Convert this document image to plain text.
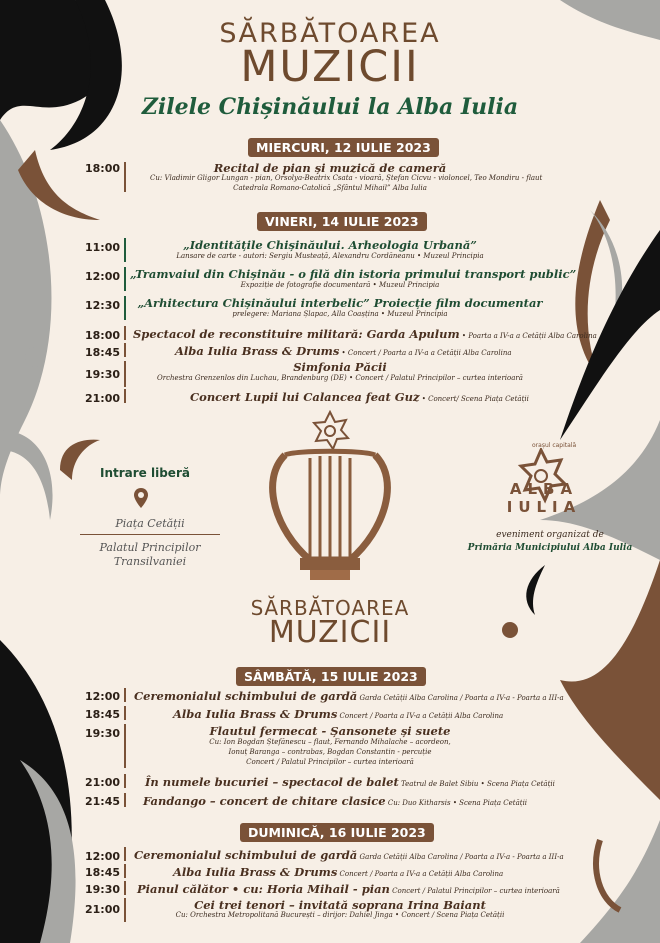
SĂRBĂTOAREA
MUZICII
Zilele Chișinăului la Alba Iulia
MIERCURI, 12 IULIE 2023
18:00	Recital de pian și muzică de cameră
Cu: Vladimir Gligor Lungan - pian, Orsolya-Beatrix Csata - vioară, Ștefan Cicvu - violoncel, Teo Mondiru - flaut
Catedrala Romano-Catolică „Sfântul Mihail” Alba Iulia
VINERI, 14 IULIE 2023
11:00	„Identitățile Chișinăului. Arheologia Urbană”
Lansare de carte - autori: Sergiu Musteață, Alexandru Cordăneanu • Muzeul Principia
12:00 „Tramvaiul din Chișinău - o filă din istoria primului transport public”
Expoziție de fotografie documentară • Muzeul Principia
12:30	„Arhitectura Chișinăului interbelic” Proiecție film documentar
prelegere: Mariana Șlapac, Alla Coașțina • Muzeul Principia
18:00 Spectacol de reconstituire militară: Garda Apulum • Poarta a IV-a a Cetății Alba Carolina
18:45	Alba Iulia Brass & Drums • Concert / Poarta a IV-a a Cetății Alba Carolina
19:30
Simfonia Păcii
Orchestra Grenzenlos din Luchau, Brandenburg (DE) • Concert / Palatul Principilor – curtea interioară
21:00	Concert Lupii lui Calancea feat Guz • Concert/ Scena Piața Cetății
Intrare liberă
Piața Cetății
Palatul Principilor Transilvaniei
SĂRBĂTOAREA
MUZICII
orașul capitală
ALBA IULIA
eveniment organizat de
Primăria Municipiului Alba Iulia
SÂMBĂTĂ, 15 IULIE 2023
12:00 Ceremonialul schimbului de gardă Garda Cetății Alba Carolina / Poarta a IV-a - Poarta a III-a
18:45	Alba Iulia Brass & Drums Concert / Poarta a IV-a a Cetății Alba Carolina
19:30	Flautul fermecat - Șansonete și suete
Cu: Ion Bogdan Ștefănescu – flaut, Fernando Mihalache – acordeon,
Ionuț Baranga – contrabas, Bogdan Constantin - percuție
Concert / Palatul Principilor – curtea interioară
21:00 În numele bucuriei – spectacol de balet Teatrul de Balet Sibiu • Scena Piața Cetății
21:45 Fandango – concert de chitare clasice Cu: Duo Kitharsis • Scena Piața Cetății
DUMINICĂ, 16 IULIE 2023
12:00 Ceremonialul schimbului de gardă Garda Cetății Alba Carolina / Poarta a IV-a - Poarta a III-a
18:45	Alba Iulia Brass & Drums Concert / Poarta a IV-a a Cetății Alba Carolina
19:30 Pianul călător • cu: Horia Mihail - pian Concert / Palatul Principilor – curtea interioară
21:00	Cei trei tenori – invitată soprana Irina Baiant
Cu: Orchestra Metropolitană București – dirijor: Dahiel Jinga • Concert / Scena Piața Cetății
